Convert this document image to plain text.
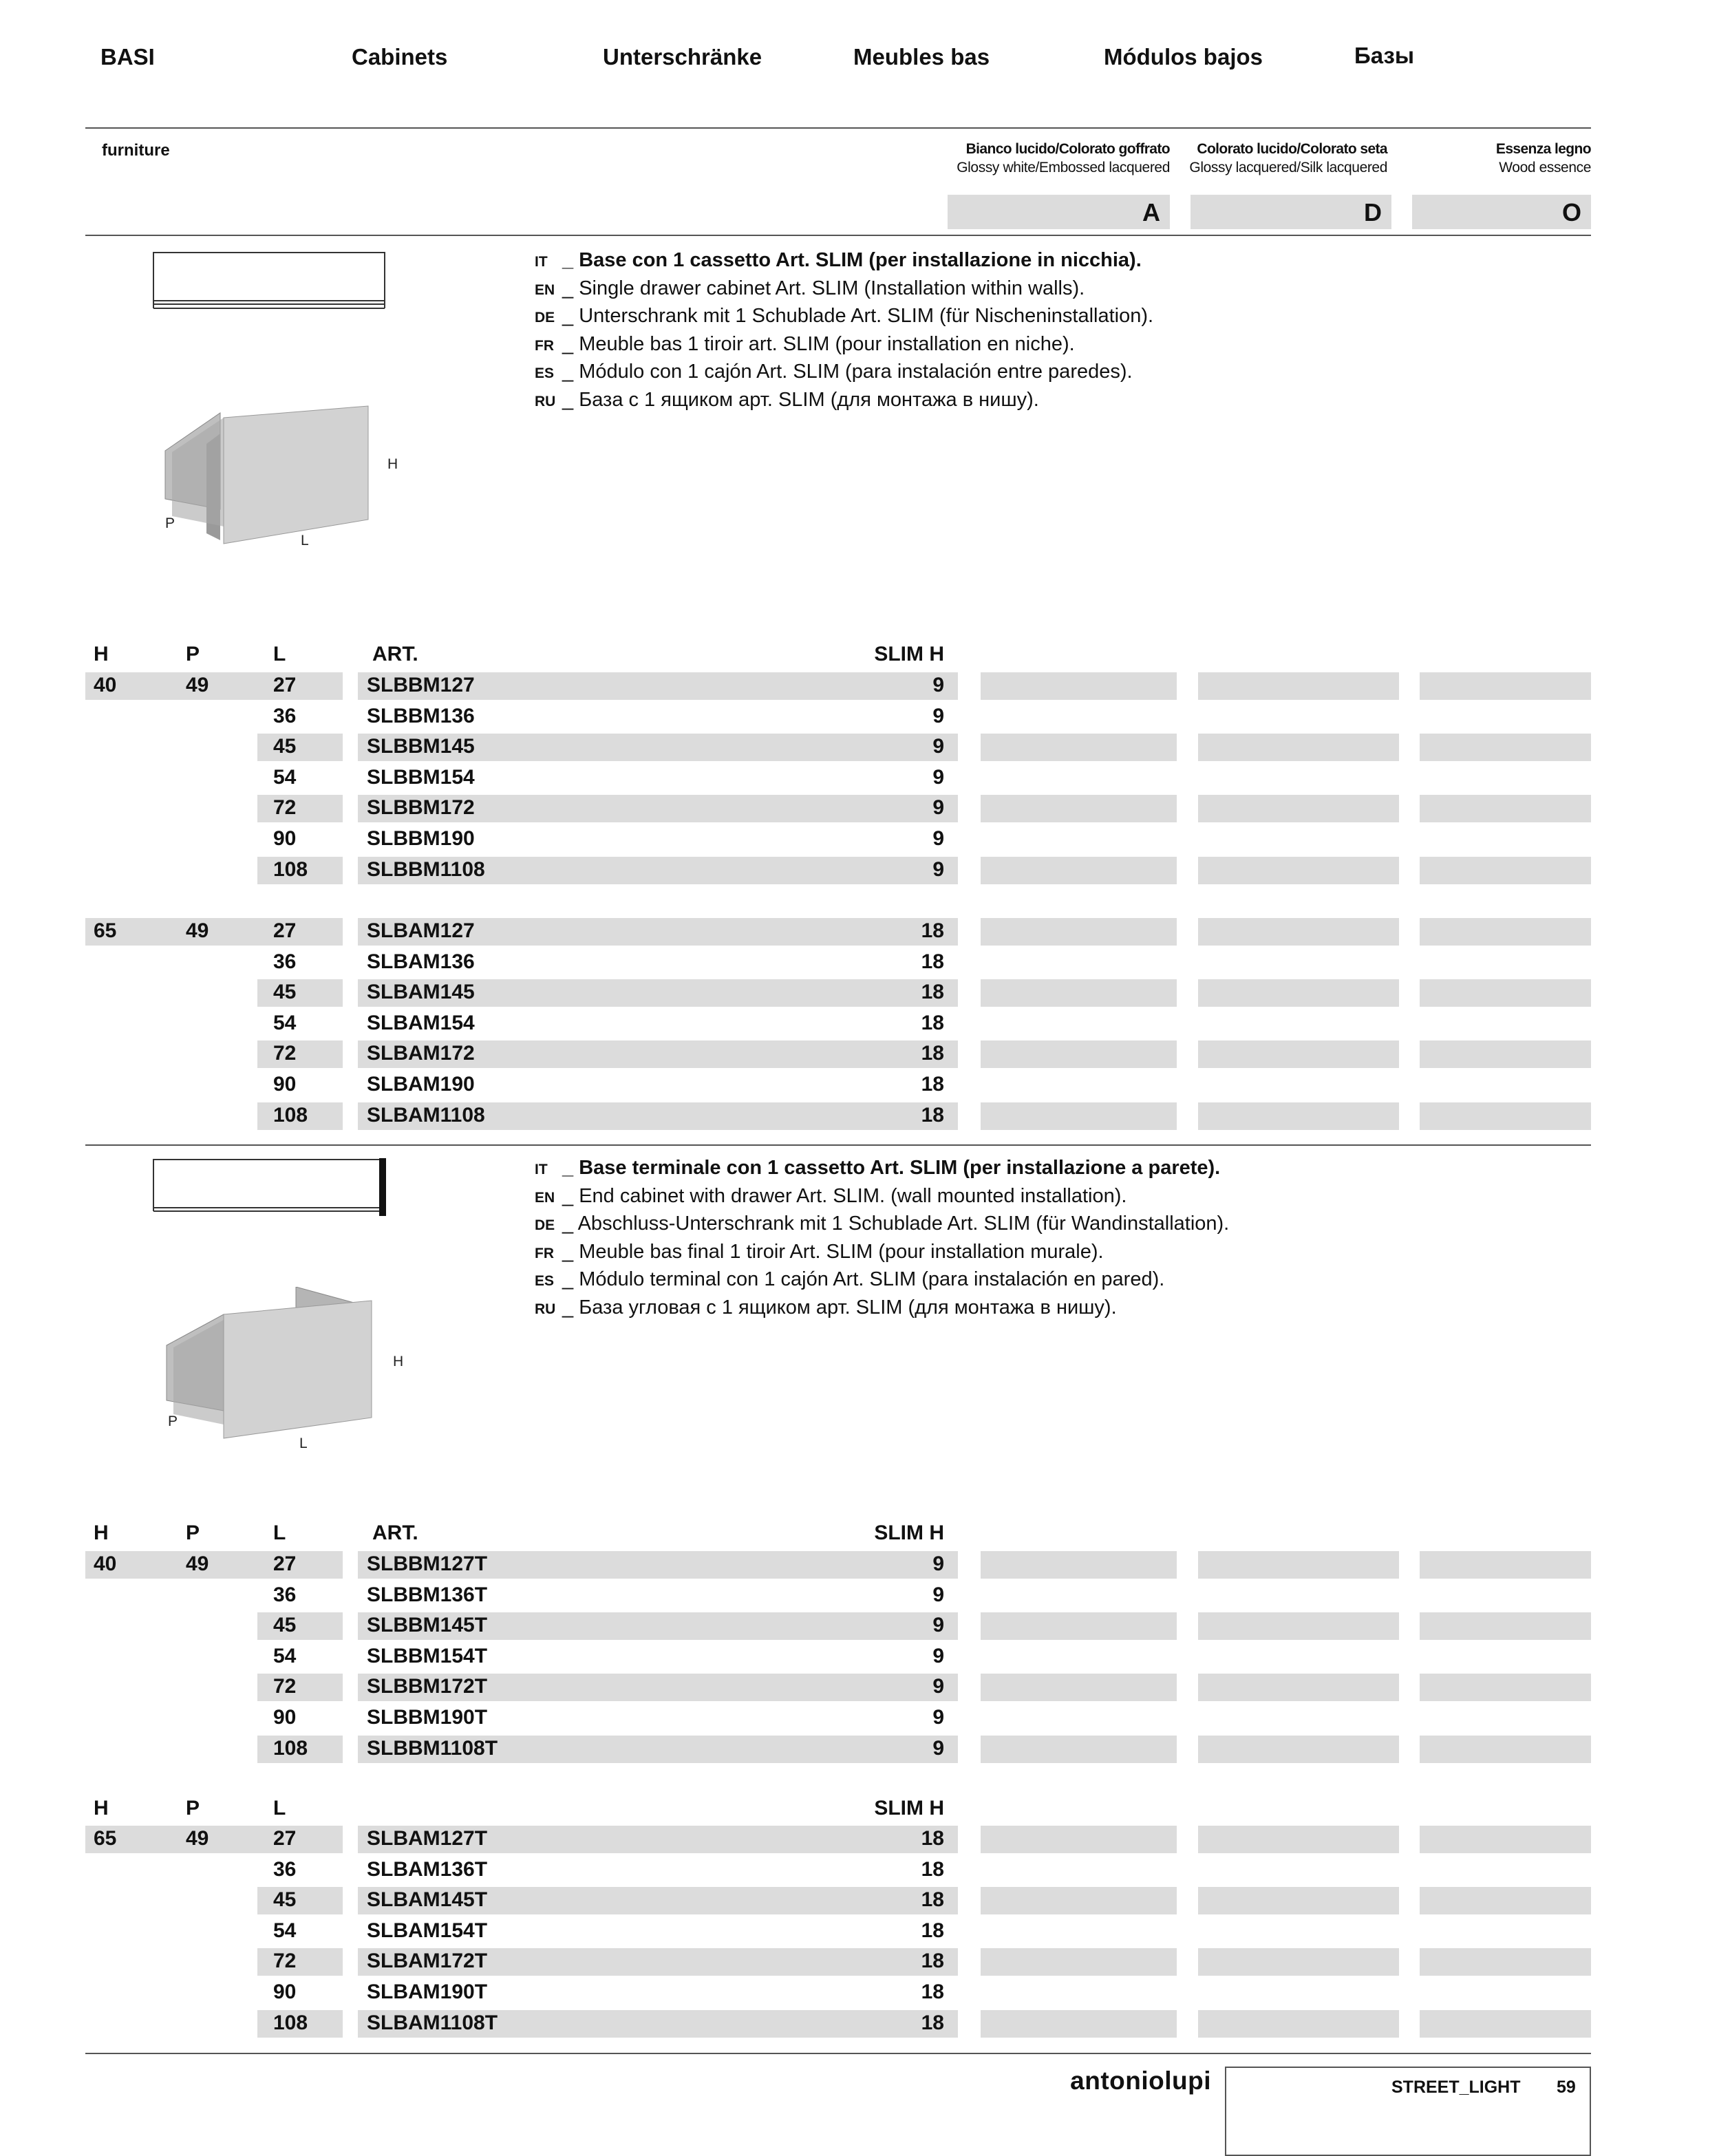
BASI	Cabinets	Unterschränke	Meubles bas	Módulos bajos	Базы
furniture	Bianco lucido/Colorato goffrato
Glossy white/Embossed lacquered
Colorato lucido/Colorato seta
Glossy lacquered/Silk lacquered
Essenza legno
Wood essence
A	D	O
H
P
L
IT _ Base con 1 cassetto Art. SLIM (per installazione in nicchia).
EN _ Single drawer cabinet Art. SLIM (Installation within walls).
DE _ Unterschrank mit 1 Schublade Art. SLIM (für Nischeninstallation).
FR _ Meuble bas 1 tiroir art. SLIM (pour installation en niche).
ES _ Módulo con 1 cajón Art. SLIM (para instalación entre paredes).
RU _ База с 1 ящиком арт. SLIM (для монтажа в нишу).
H	P	L	ART.	SLIM H
40	49	27	SLBBM127	9
36	SLBBM136	9
45	SLBBM145	9
54	SLBBM154	9
72	SLBBM172	9
90	SLBBM190	9
108	SLBBM1108	9
65	49	27	SLBAM127	18
36	SLBAM136	18
45	SLBAM145	18
54	SLBAM154	18
72	SLBAM172	18
90	SLBAM190	18
108	SLBAM1108	18
H
P
L
IT _ Base terminale con 1 cassetto Art. SLIM (per installazione a parete).
EN _ End cabinet with drawer Art. SLIM. (wall mounted installation).
DE _ Abschluss-Unterschrank mit 1 Schublade Art. SLIM (für Wandinstallation).
FR _ Meuble bas final 1 tiroir Art. SLIM (pour installation murale).
ES _ Módulo terminal con 1 cajón Art. SLIM (para instalación en pared).
RU _ База угловая с 1 ящиком арт. SLIM (для монтажа в нишу).
H	P	L	ART.	SLIM H
H	P	L	SLIM H
40	49	27	SLBBM127T	9
36	SLBBM136T	9
45	SLBBM145T	9
54	SLBBM154T	9
72	SLBBM172T	9
90	SLBBM190T	9
108	SLBBM1108T	9
65	49	27	SLBAM127T	18
36	SLBAM136T	18
45	SLBAM145T	18
54	SLBAM154T	18
72	SLBAM172T	18
90	SLBAM190T	18
108	SLBAM1108T	18
antoniolupi	STREET_LIGHT 59
